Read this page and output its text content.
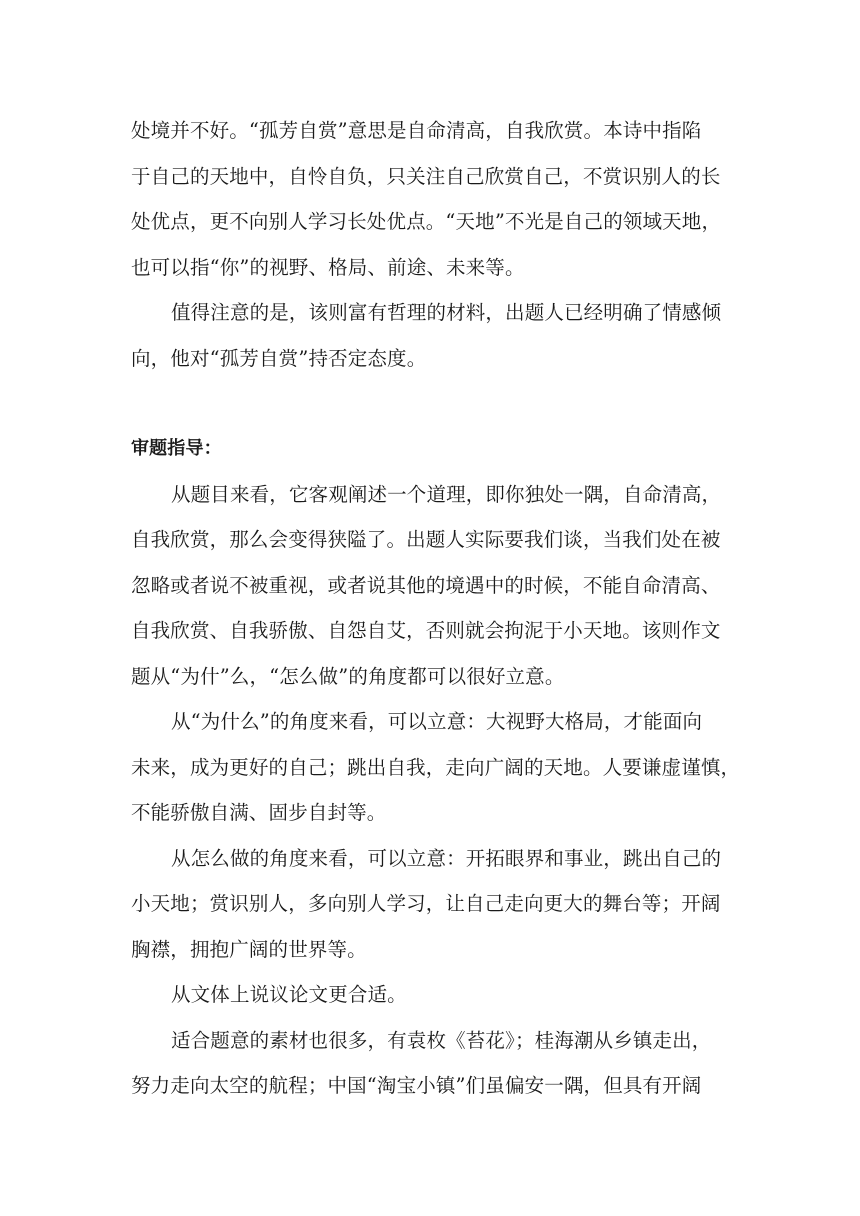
处境并不好。“孤芳自赏”意思是自命清高，自我欣赏。本诗中指陷
于自己的天地中，自怜自负，只关注自己欣赏自己，不赏识别人的长
处优点，更不向别人学习长处优点。“天地”不光是自己的领域天地，
也可以指“你”的视野、格局、前途、未来等。
值得注意的是，该则富有哲理的材料，出题人已经明确了情感倾
向，他对“孤芳自赏”持否定态度。
审题指导：
从题目来看，它客观阐述一个道理，即你独处一隅，自命清高，
自我欣赏，那么会变得狭隘了。出题人实际要我们谈，当我们处在被
忽略或者说不被重视，或者说其他的境遇中的时候，不能自命清高、
自我欣赏、自我骄傲、自怨自艾，否则就会拘泥于小天地。该则作文
题从“为什”么，“怎么做”的角度都可以很好立意。
从“为什么”的角度来看，可以立意：大视野大格局，才能面向
未来，成为更好的自己；跳出自我，走向广阔的天地。人要谦虚谨慎，
不能骄傲自满、固步自封等。
从怎么做的角度来看，可以立意：开拓眼界和事业，跳出自己的
小天地；赏识别人，多向别人学习，让自己走向更大的舞台等；开阔
胸襟，拥抱广阔的世界等。
从文体上说议论文更合适。
适合题意的素材也很多，有袁枚《苔花》；桂海潮从乡镇走出，
努力走向太空的航程；中国“淘宝小镇”们虽偏安一隅，但具有开阔
